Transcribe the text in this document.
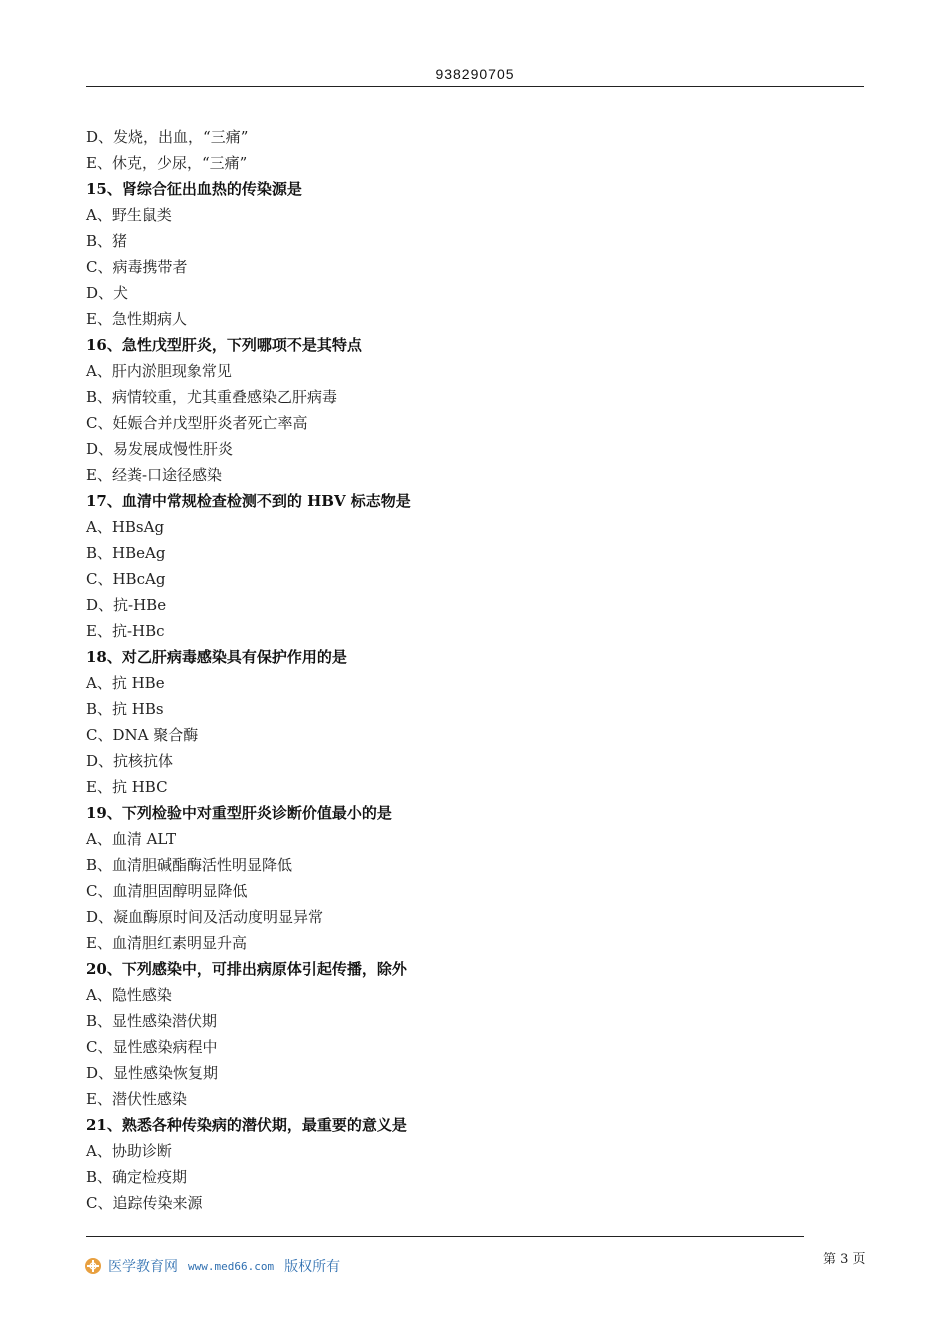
938290705
D、发烧，出血，“三痛”
E、休克，少尿，“三痛”
15、肾综合征出血热的传染源是
A、野生鼠类
B、猪
C、病毒携带者
D、犬
E、急性期病人
16、急性戊型肝炎，下列哪项不是其特点
A、肝内淤胆现象常见
B、病情较重，尤其重叠感染乙肝病毒
C、妊娠合并戊型肝炎者死亡率高
D、易发展成慢性肝炎
E、经粪-口途径感染
17、血清中常规检查检测不到的 HBV 标志物是
A、HBsAg
B、HBeAg
C、HBcAg
D、抗-HBe
E、抗-HBc
18、对乙肝病毒感染具有保护作用的是
A、抗 HBe
B、抗 HBs
C、DNA 聚合酶
D、抗核抗体
E、抗 HBC
19、下列检验中对重型肝炎诊断价值最小的是
A、血清 ALT
B、血清胆碱酯酶活性明显降低
C、血清胆固醇明显降低
D、凝血酶原时间及活动度明显异常
E、血清胆红素明显升高
20、下列感染中，可排出病原体引起传播，除外
A、隐性感染
B、显性感染潜伏期
C、显性感染病程中
D、显性感染恢复期
E、潜伏性感染
21、熟悉各种传染病的潜伏期，最重要的意义是
A、协助诊断
B、确定检疫期
C、追踪传染来源
医学教育网 www.med66.com 版权所有	第 3 页
